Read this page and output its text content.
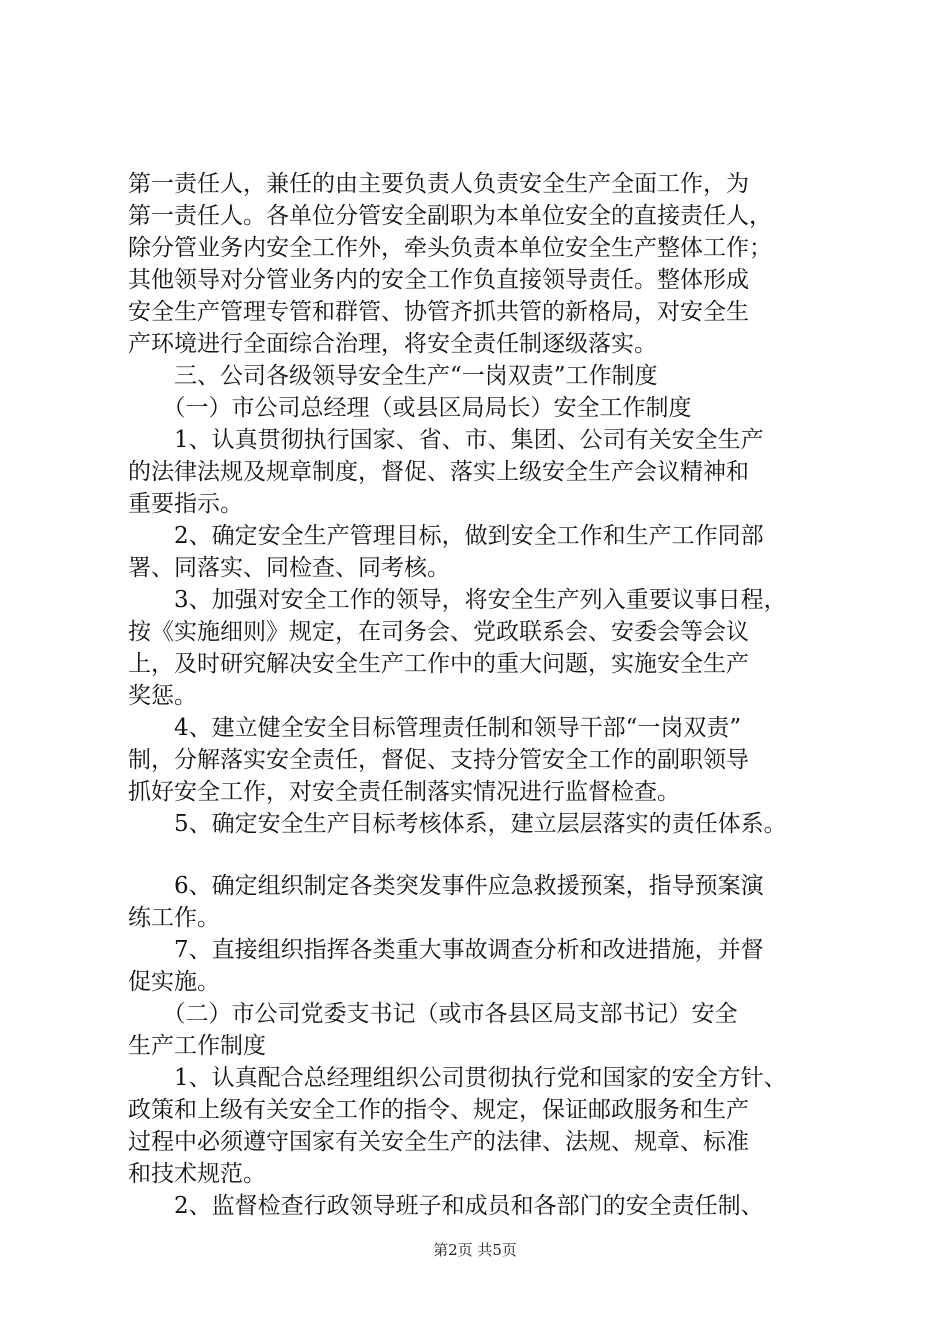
第一责任人，兼任的由主要负责人负责安全生产全面工作，为
第一责任人。各单位分管安全副职为本单位安全的直接责任人，
除分管业务内安全工作外，牵头负责本单位安全生产整体工作；
其他领导对分管业务内的安全工作负直接领导责任。整体形成
安全生产管理专管和群管、协管齐抓共管的新格局，对安全生
产环境进行全面综合治理，将安全责任制逐级落实。
　　三、公司各级领导安全生产“一岗双责”工作制度
　　（一）市公司总经理（或县区局局长）安全工作制度
　　1、认真贯彻执行国家、省、市、集团、公司有关安全生产
的法律法规及规章制度，督促、落实上级安全生产会议精神和
重要指示。
　　2、确定安全生产管理目标，做到安全工作和生产工作同部
署、同落实、同检查、同考核。
　　3、加强对安全工作的领导，将安全生产列入重要议事日程，
按《实施细则》规定，在司务会、党政联系会、安委会等会议
上，及时研究解决安全生产工作中的重大问题，实施安全生产
奖惩。
　　4、建立健全安全目标管理责任制和领导干部“一岗双责”
制，分解落实安全责任，督促、支持分管安全工作的副职领导
抓好安全工作，对安全责任制落实情况进行监督检查。
　　5、确定安全生产目标考核体系，建立层层落实的责任体系。
　　6、确定组织制定各类突发事件应急救援预案，指导预案演
练工作。
　　7、直接组织指挥各类重大事故调查分析和改进措施，并督
促实施。
　　（二）市公司党委支书记（或市各县区局支部书记）安全
生产工作制度
　　1、认真配合总经理组织公司贯彻执行党和国家的安全方针、
政策和上级有关安全工作的指令、规定，保证邮政服务和生产
过程中必须遵守国家有关安全生产的法律、法规、规章、标准
和技术规范。
　　2、监督检查行政领导班子和成员和各部门的安全责任制、
第2页 共5页
